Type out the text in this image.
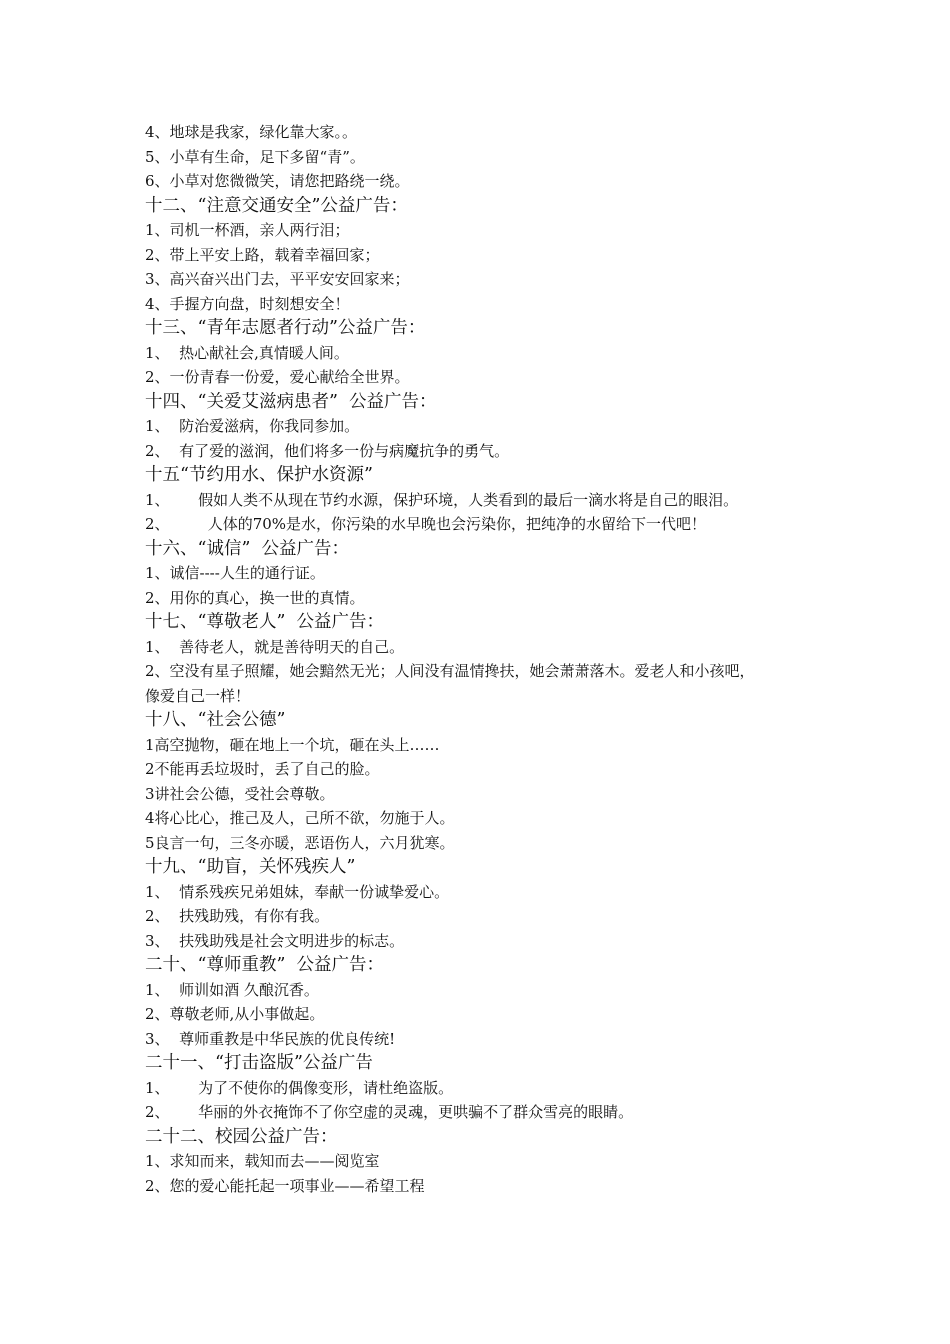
4、地球是我家，绿化靠大家。。
5、小草有生命，足下多留“青”。
6、小草对您微微笑，请您把路绕一绕。
十二、“注意交通安全”公益广告：
1、司机一杯酒，亲人两行泪；
2、带上平安上路，载着幸福回家；
3、高兴奋兴出门去，平平安安回家来；
4、手握方向盘，时刻想安全！
十三、“青年志愿者行动”公益广告：
1、  热心献社会,真情暖人间。
2、一份青春一份爱，爱心献给全世界。
十四、“关爱艾滋病患者”  公益广告：
1、  防治爱滋病，你我同参加。
2、  有了爱的滋润，他们将多一份与病魔抗争的勇气。
十五“节约用水、保护水资源”
1、      假如人类不从现在节约水源，保护环境，人类看到的最后一滴水将是自己的眼泪。
2、        人体的70%是水，你污染的水早晚也会污染你，把纯净的水留给下一代吧！
十六、“诚信”  公益广告：
1、诚信----人生的通行证。
2、用你的真心，换一世的真情。
十七、“尊敬老人”  公益广告：
1、  善待老人，就是善待明天的自己。
2、空没有星子照耀，她会黯然无光；人间没有温情搀扶，她会萧萧落木。爱老人和小孩吧，
像爱自己一样！
十八、“社会公德”
1高空抛物，砸在地上一个坑，砸在头上……
2不能再丢垃圾时，丢了自己的脸。
3讲社会公德，受社会尊敬。
4将心比心，推己及人，己所不欲，勿施于人。
5良言一句，三冬亦暖，恶语伤人，六月犹寒。
十九、“助盲，关怀残疾人”
1、  情系残疾兄弟姐妹，奉献一份诚挚爱心。
2、  扶残助残，有你有我。
3、  扶残助残是社会文明进步的标志。
二十、“尊师重教”  公益广告：
1、  师训如酒 久酿沉香。
2、尊敬老师,从小事做起。
3、  尊师重教是中华民族的优良传统!
二十一、“打击盗版”公益广告
1、      为了不使你的偶像变形，请杜绝盗版。
2、      华丽的外衣掩饰不了你空虚的灵魂，更哄骗不了群众雪亮的眼睛。
二十二、校园公益广告：
1、求知而来，载知而去——阅览室
2、您的爱心能托起一项事业——希望工程
